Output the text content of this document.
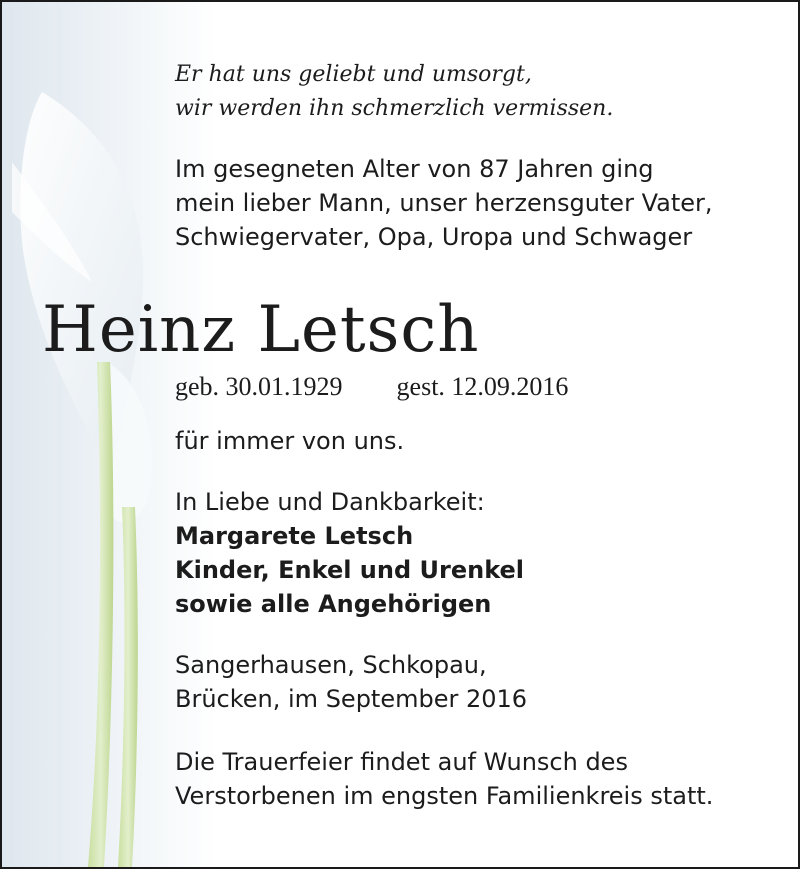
Er hat uns geliebt und umsorgt,
wir werden ihn schmerzlich vermissen.
Im gesegneten Alter von 87 Jahren ging
mein lieber Mann, unser herzensguter Vater,
Schwiegervater, Opa, Uropa und Schwager
Heinz Letsch
geb. 30.01.1929 gest. 12.09.2016
für immer von uns.
In Liebe und Dankbarkeit:
Margarete Letsch
Kinder, Enkel und Urenkel
sowie alle Angehörigen
Sangerhausen, Schkopau,
Brücken, im September 2016
Die Trauerfeier findet auf Wunsch des
Verstorbenen im engsten Familienkreis statt.
